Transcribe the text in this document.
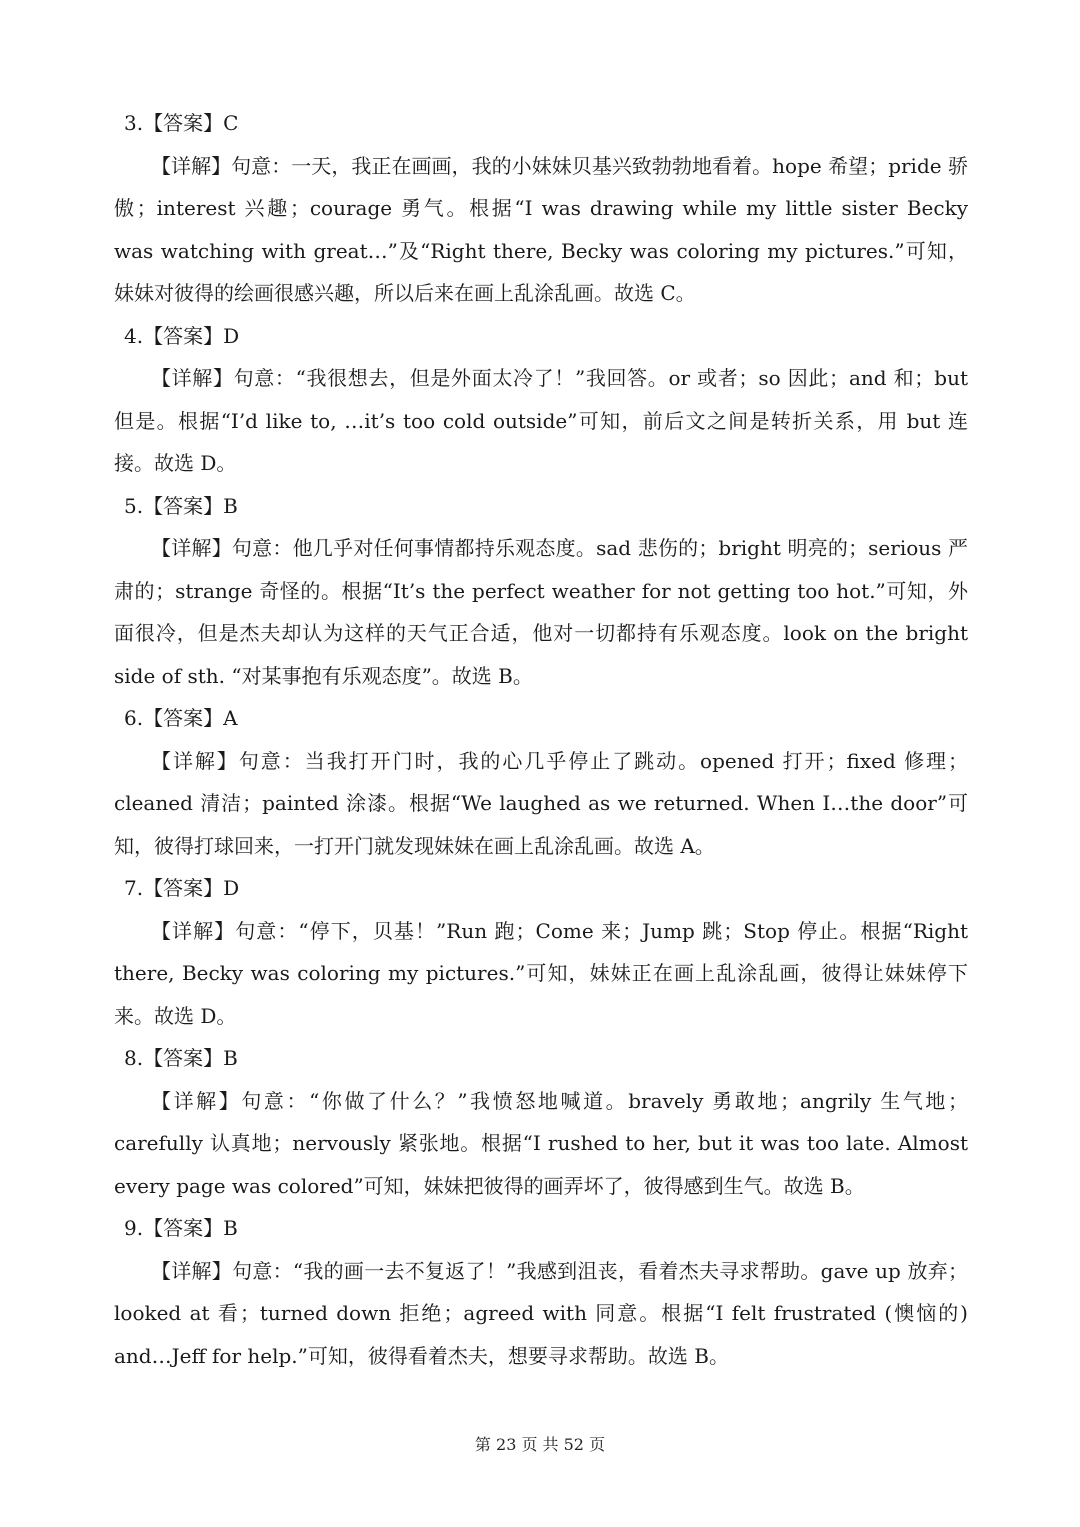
3.【答案】C

【详解】句意：一天，我正在画画，我的小妹妹贝基兴致勃勃地看着。hope 希望；pride 骄傲；interest 兴趣；courage 勇气。根据“I was drawing while my little sister Becky was watching with great…”及“Right there, Becky was coloring my pictures.”可知，妹妹对彼得的绘画很感兴趣，所以后来在画上乱涂乱画。故选 C。

4.【答案】D

【详解】句意：“我很想去，但是外面太冷了！”我回答。or 或者；so 因此；and 和；but 但是。根据“I’d like to, …it’s too cold outside”可知，前后文之间是转折关系，用 but 连接。故选 D。

5.【答案】B

【详解】句意：他几乎对任何事情都持乐观态度。sad 悲伤的；bright 明亮的；serious 严肃的；strange 奇怪的。根据“It’s the perfect weather for not getting too hot.”可知，外面很冷，但是杰夫却认为这样的天气正合适，他对一切都持有乐观态度。look on the bright side of sth. “对某事抱有乐观态度”。故选 B。

6.【答案】A

【详解】句意：当我打开门时，我的心几乎停止了跳动。opened 打开；fixed 修理；cleaned 清洁；painted 涂漆。根据“We laughed as we returned. When I…the door”可知，彼得打球回来，一打开门就发现妹妹在画上乱涂乱画。故选 A。

7.【答案】D

【详解】句意：“停下，贝基！”Run 跑；Come 来；Jump 跳；Stop 停止。根据“Right there, Becky was coloring my pictures.”可知，妹妹正在画上乱涂乱画，彼得让妹妹停下来。故选 D。

8.【答案】B

【详解】句意：“你做了什么？”我愤怒地喊道。bravely 勇敢地；angrily 生气地；carefully 认真地；nervously 紧张地。根据“I rushed to her, but it was too late. Almost every page was colored”可知，妹妹把彼得的画弄坏了，彼得感到生气。故选 B。

9.【答案】B

【详解】句意：“我的画一去不复返了！”我感到沮丧，看着杰夫寻求帮助。gave up 放弃；looked at 看；turned down 拒绝；agreed with 同意。根据“I felt frustrated (懊恼的) and…Jeff for help.”可知，彼得看着杰夫，想要寻求帮助。故选 B。

第 23 页 共 52 页
